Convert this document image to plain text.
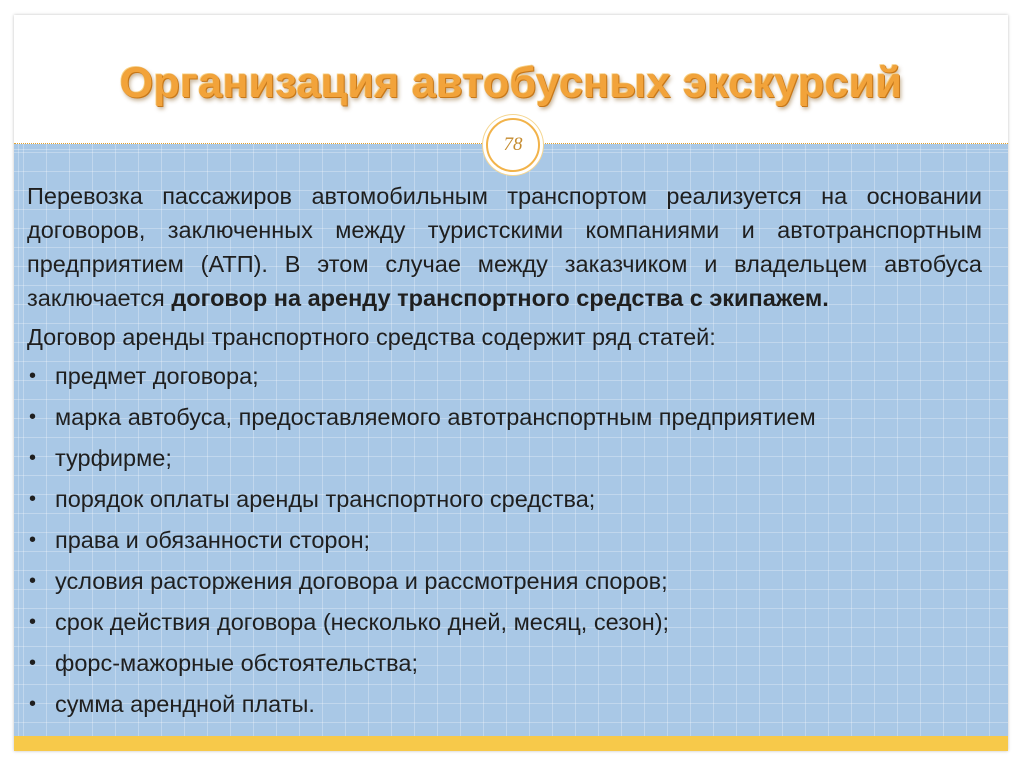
Организация автобусных экскурсий
78

Перевозка пассажиров автомобильным транспортом реализуется на основании договоров, заключенных между туристскими компаниями и автотранспортным предприятием (АТП). В этом случае между заказчиком и владельцем автобуса заключается договор на аренду транспортного средства с экипажем.

Договор аренды транспортного средства содержит ряд статей:

• предмет договора;
• марка автобуса, предоставляемого автотранспортным предприятием
• турфирме;
• порядок оплаты аренды транспортного средства;
• права и обязанности сторон;
• условия расторжения договора и рассмотрения споров;
• срок действия договора (несколько дней, месяц, сезон);
• форс-мажорные обстоятельства;
• сумма арендной платы.
